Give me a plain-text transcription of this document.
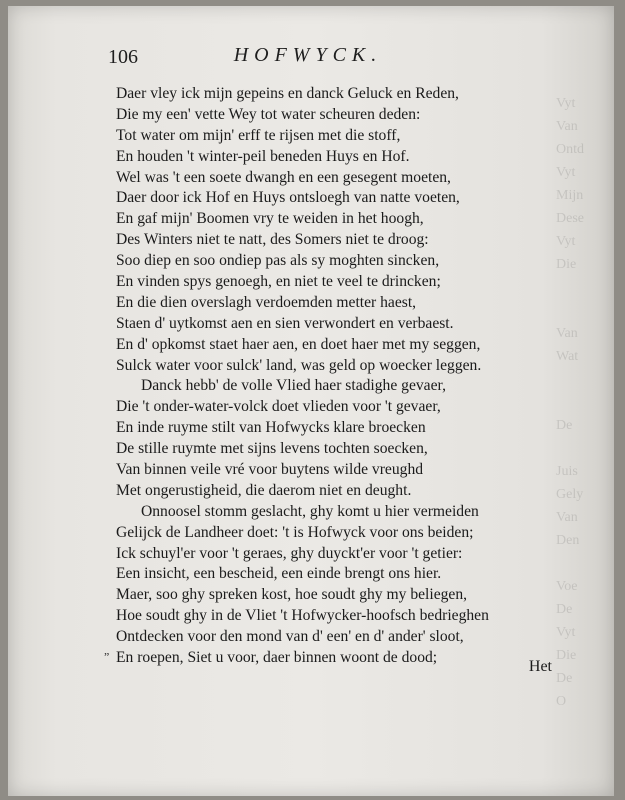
Vyt
Van
Ontd
Vyt
Mijn
Dese
Vyt
Die
Van
Wat
De
Juis
Gely
Van
Den
Voe
De
Vyt
Die
De
O
106	HOFWYCK.
Daer vley ick mijn gepeins en danck Geluck en Reden,
Die my een' vette Wey tot water scheuren deden:
Tot water om mijn' erff te rijsen met die stoff,
En houden 't winter-peil beneden Huys en Hof.
Wel was 't een soete dwangh en een gesegent moeten,
Daer door ick Hof en Huys ontsloegh van natte voeten,
En gaf mijn' Boomen vry te weiden in het hoogh,
Des Winters niet te natt, des Somers niet te droog:
Soo diep en soo ondiep pas als sy moghten sincken,
En vinden spys genoegh, en niet te veel te drincken;
En die dien overslagh verdoemden metter haest,
Staen d' uytkomst aen en sien verwondert en verbaest.
En d' opkomst staet haer aen, en doet haer met my seggen,
Sulck water voor sulck' land, was geld op woecker leggen.
Danck hebb' de volle Vlied haer stadighe gevaer,
Die 't onder-water-volck doet vlieden voor 't gevaer,
En inde ruyme stilt van Hofwycks klare broecken
De stille ruymte met sijns levens tochten soecken,
Van binnen veile vré voor buytens wilde vreughd
Met ongerustigheid, die daerom niet en deught.
Onnoosel stomm geslacht, ghy komt u hier vermeiden
Gelijck de Landheer doet: 't is Hofwyck voor ons beiden;
Ick schuyl'er voor 't geraes, ghy duyckt'er voor 't getier:
Een insicht, een bescheid, een einde brengt ons hier.
Maer, soo ghy spreken kost, hoe soudt ghy my beliegen,
Hoe soudt ghy in de Vliet 't Hofwycker-hoofsch bedrieghen
Ontdecken voor den mond van d' een' en d' ander' sloot,
En roepen, Siet u voor, daer binnen woont de dood;
„
Het
